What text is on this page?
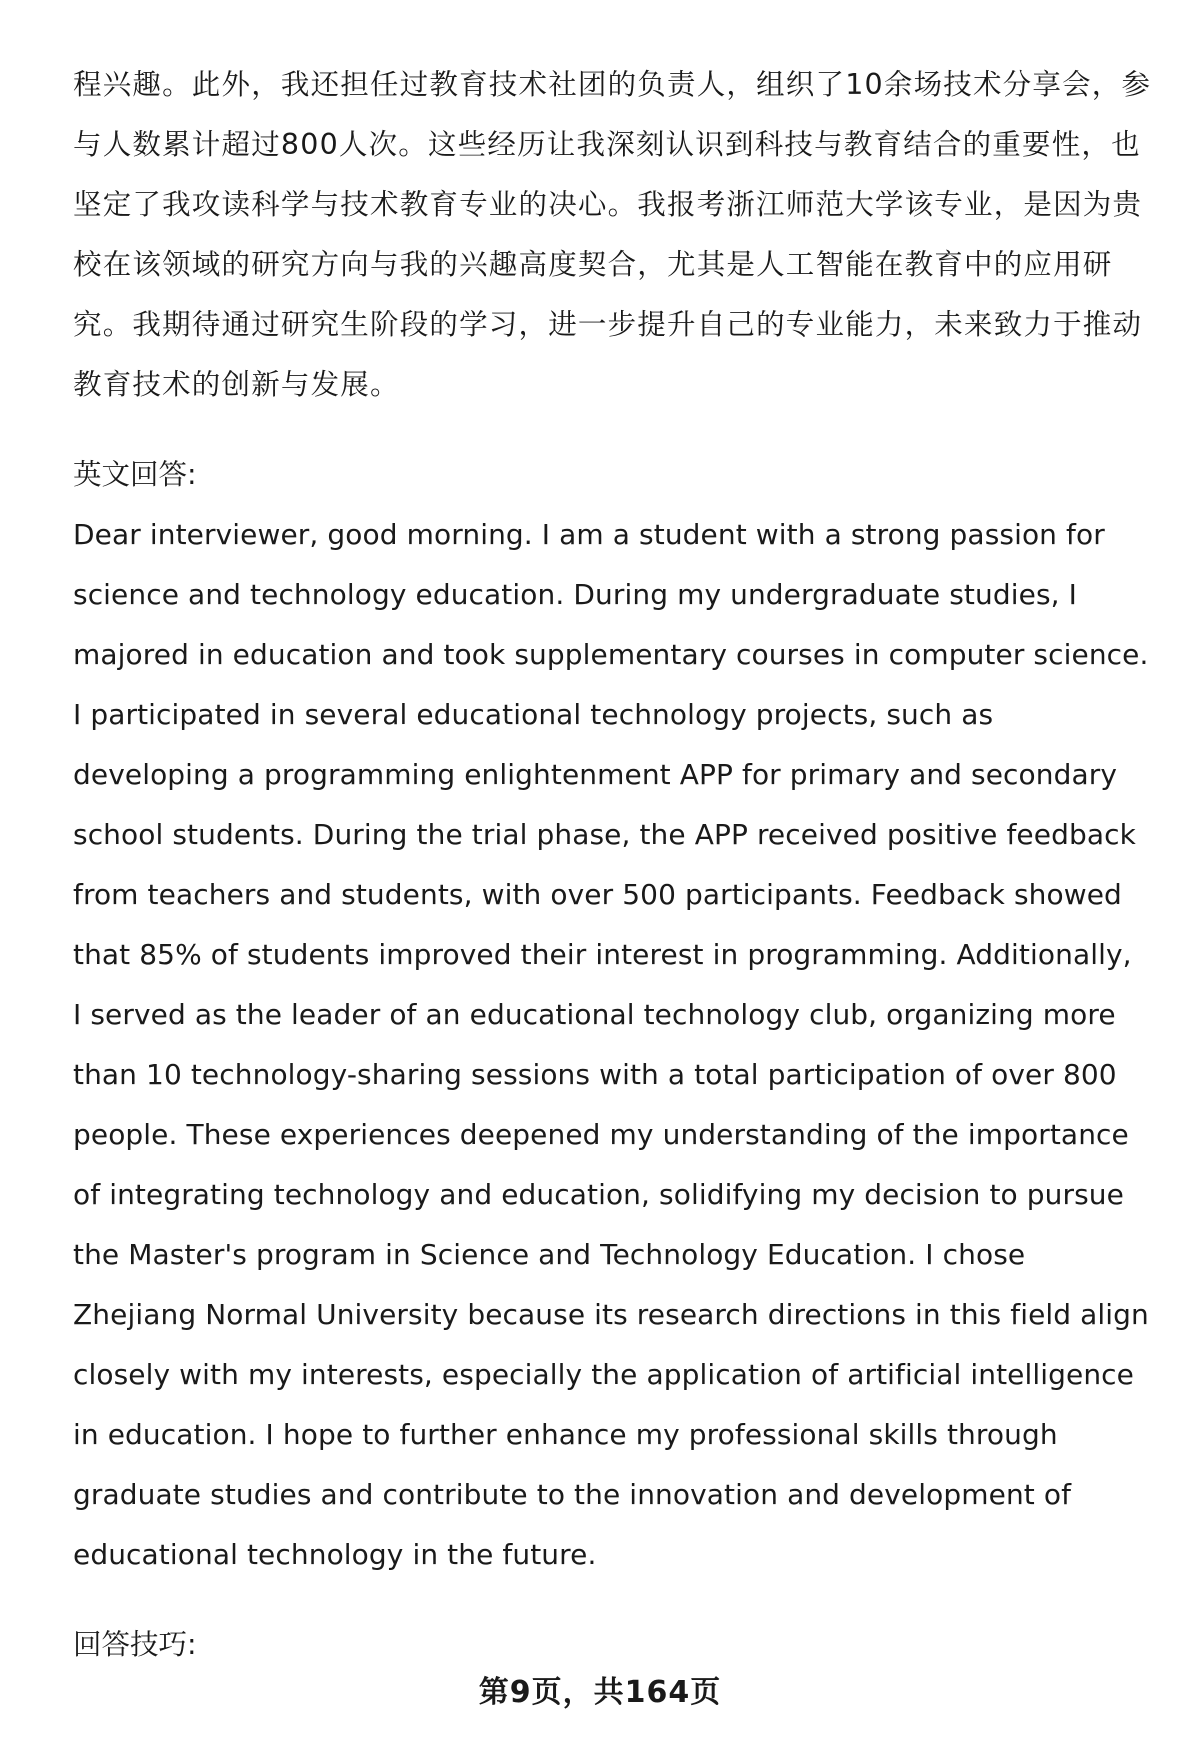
程兴趣。此外，我还担任过教育技术社团的负责人，组织了10余场技术分享会，参
与人数累计超过800人次。这些经历让我深刻认识到科技与教育结合的重要性，也
坚定了我攻读科学与技术教育专业的决心。我报考浙江师范大学该专业，是因为贵
校在该领域的研究方向与我的兴趣高度契合，尤其是人工智能在教育中的应用研
究。我期待通过研究生阶段的学习，进一步提升自己的专业能力，未来致力于推动
教育技术的创新与发展。
英文回答:
Dear interviewer, good morning. I am a student with a strong passion for
science and technology education. During my undergraduate studies, I
majored in education and took supplementary courses in computer science.
I participated in several educational technology projects, such as
developing a programming enlightenment APP for primary and secondary
school students. During the trial phase, the APP received positive feedback
from teachers and students, with over 500 participants. Feedback showed
that 85% of students improved their interest in programming. Additionally,
I served as the leader of an educational technology club, organizing more
than 10 technology-sharing sessions with a total participation of over 800
people. These experiences deepened my understanding of the importance
of integrating technology and education, solidifying my decision to pursue
the Master's program in Science and Technology Education. I chose
Zhejiang Normal University because its research directions in this field align
closely with my interests, especially the application of artificial intelligence
in education. I hope to further enhance my professional skills through
graduate studies and contribute to the innovation and development of
educational technology in the future.
回答技巧:
第9页，共164页
